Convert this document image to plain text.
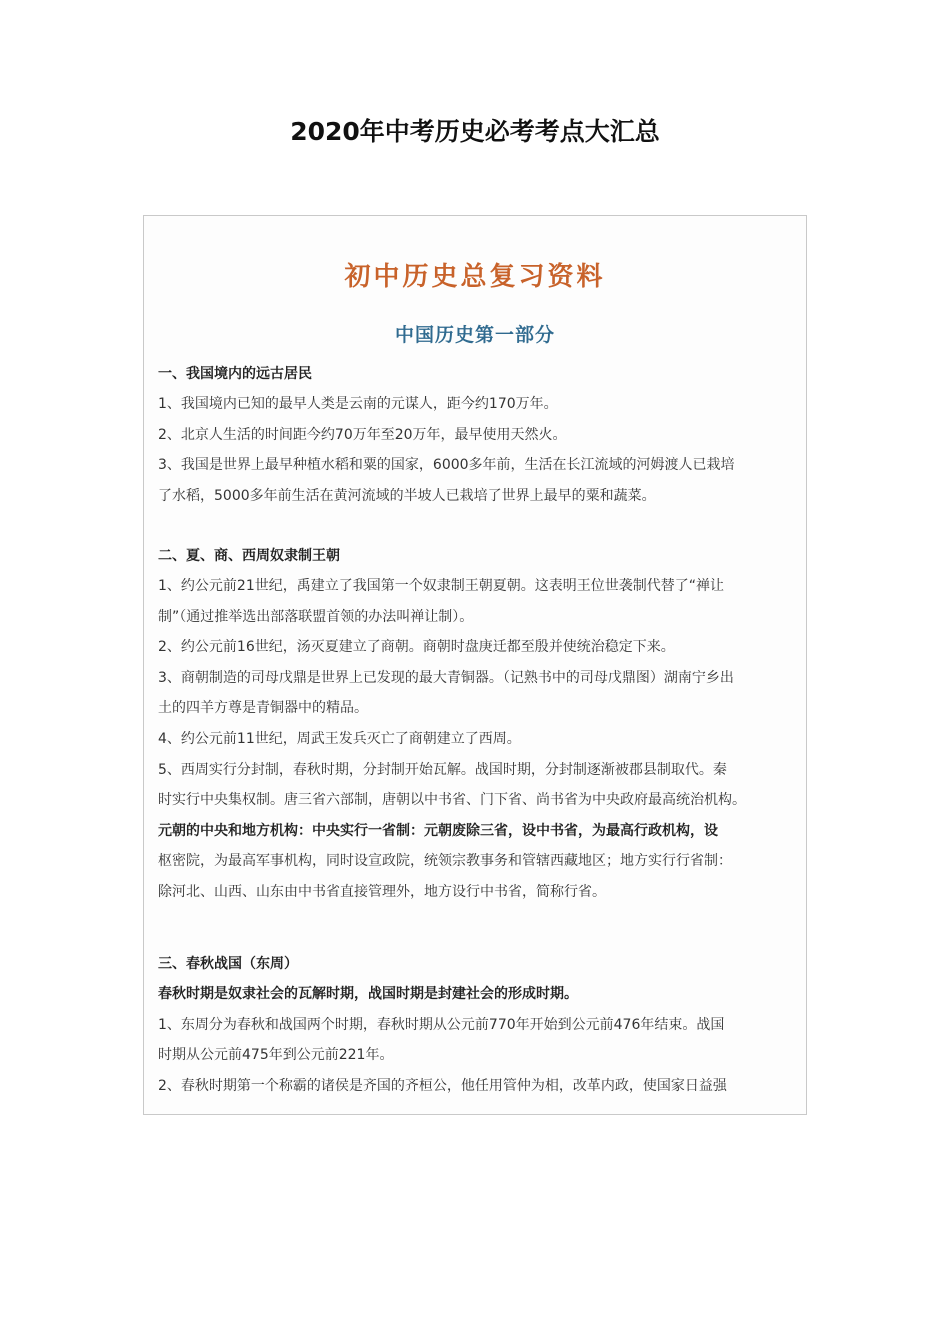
2020年中考历史必考考点大汇总
初中历史总复习资料
中国历史第一部分
一、我国境内的远古居民
1、我国境内已知的最早人类是云南的元谋人，距今约170万年。
2、北京人生活的时间距今约70万年至20万年，最早使用天然火。
3、我国是世界上最早种植水稻和粟的国家，6000多年前，生活在长江流域的河姆渡人已栽培
了水稻，5000多年前生活在黄河流域的半坡人已栽培了世界上最早的粟和蔬菜。
二、夏、商、西周奴隶制王朝
1、约公元前21世纪，禹建立了我国第一个奴隶制王朝夏朝。这表明王位世袭制代替了“禅让
制”（通过推举选出部落联盟首领的办法叫禅让制）。
2、约公元前16世纪，汤灭夏建立了商朝。商朝时盘庚迁都至殷并使统治稳定下来。
3、商朝制造的司母戊鼎是世界上已发现的最大青铜器。（记熟书中的司母戊鼎图）湖南宁乡出
土的四羊方尊是青铜器中的精品。
4、约公元前11世纪，周武王发兵灭亡了商朝建立了西周。
5、西周实行分封制，春秋时期，分封制开始瓦解。战国时期，分封制逐渐被郡县制取代。秦
时实行中央集权制。唐三省六部制，唐朝以中书省、门下省、尚书省为中央政府最高统治机构。
元朝的中央和地方机构：中央实行一省制：元朝废除三省，设中书省，为最高行政机构，设
枢密院，为最高军事机构，同时设宣政院，统领宗教事务和管辖西藏地区；地方实行行省制：
除河北、山西、山东由中书省直接管理外，地方设行中书省，简称行省。
三、春秋战国（东周）
春秋时期是奴隶社会的瓦解时期，战国时期是封建社会的形成时期。
1、东周分为春秋和战国两个时期，春秋时期从公元前770年开始到公元前476年结束。战国
时期从公元前475年到公元前221年。
2、春秋时期第一个称霸的诸侯是齐国的齐桓公，他任用管仲为相，改革内政，使国家日益强
